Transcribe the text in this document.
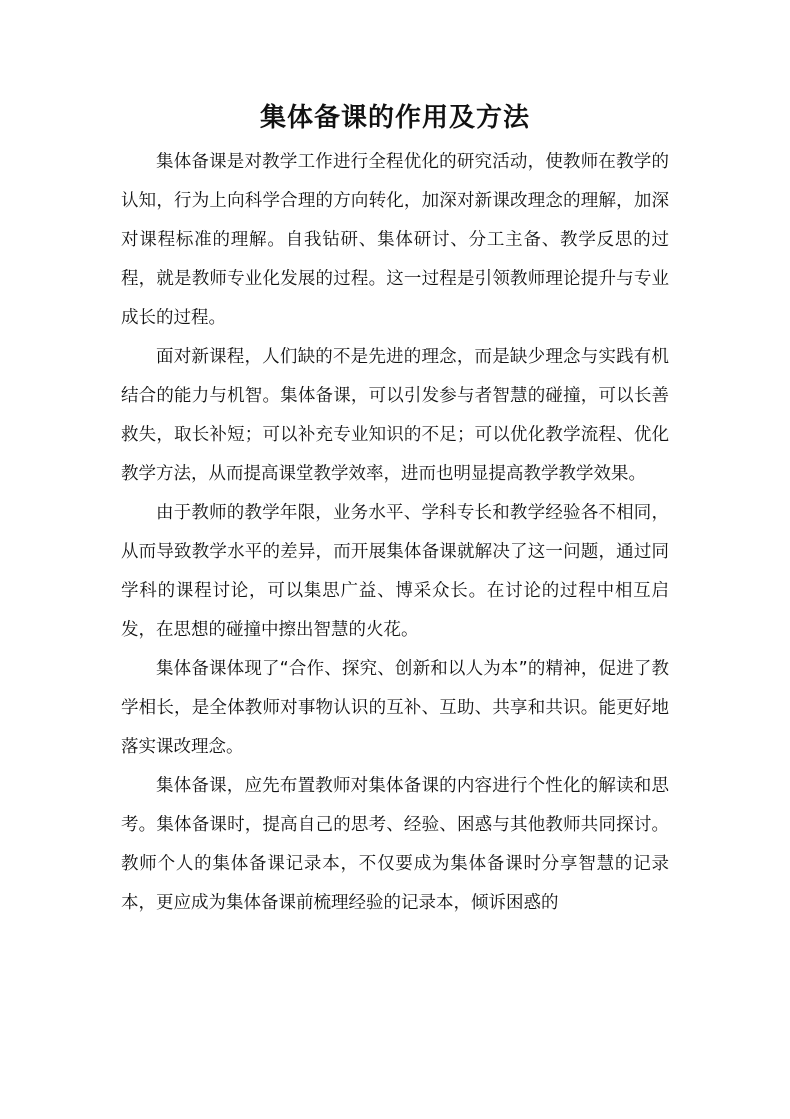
集体备课的作用及方法

集体备课是对教学工作进行全程优化的研究活动，使教师在教学的认知，行为上向科学合理的方向转化，加深对新课改理念的理解，加深对课程标准的理解。自我钻研、集体研讨、分工主备、教学反思的过程，就是教师专业化发展的过程。这一过程是引领教师理论提升与专业成长的过程。

面对新课程，人们缺的不是先进的理念，而是缺少理念与实践有机结合的能力与机智。集体备课，可以引发参与者智慧的碰撞，可以长善救失，取长补短；可以补充专业知识的不足；可以优化教学流程、优化教学方法，从而提高课堂教学效率，进而也明显提高教学教学效果。

由于教师的教学年限，业务水平、学科专长和教学经验各不相同，从而导致教学水平的差异，而开展集体备课就解决了这一问题，通过同学科的课程讨论，可以集思广益、博采众长。在讨论的过程中相互启发，在思想的碰撞中擦出智慧的火花。

集体备课体现了“合作、探究、创新和以人为本”的精神，促进了教学相长，是全体教师对事物认识的互补、互助、共享和共识。能更好地落实课改理念。

集体备课，应先布置教师对集体备课的内容进行个性化的解读和思考。集体备课时，提高自己的思考、经验、困惑与其他教师共同探讨。教师个人的集体备课记录本，不仅要成为集体备课时分享智慧的记录本，更应成为集体备课前梳理经验的记录本，倾诉困惑的
